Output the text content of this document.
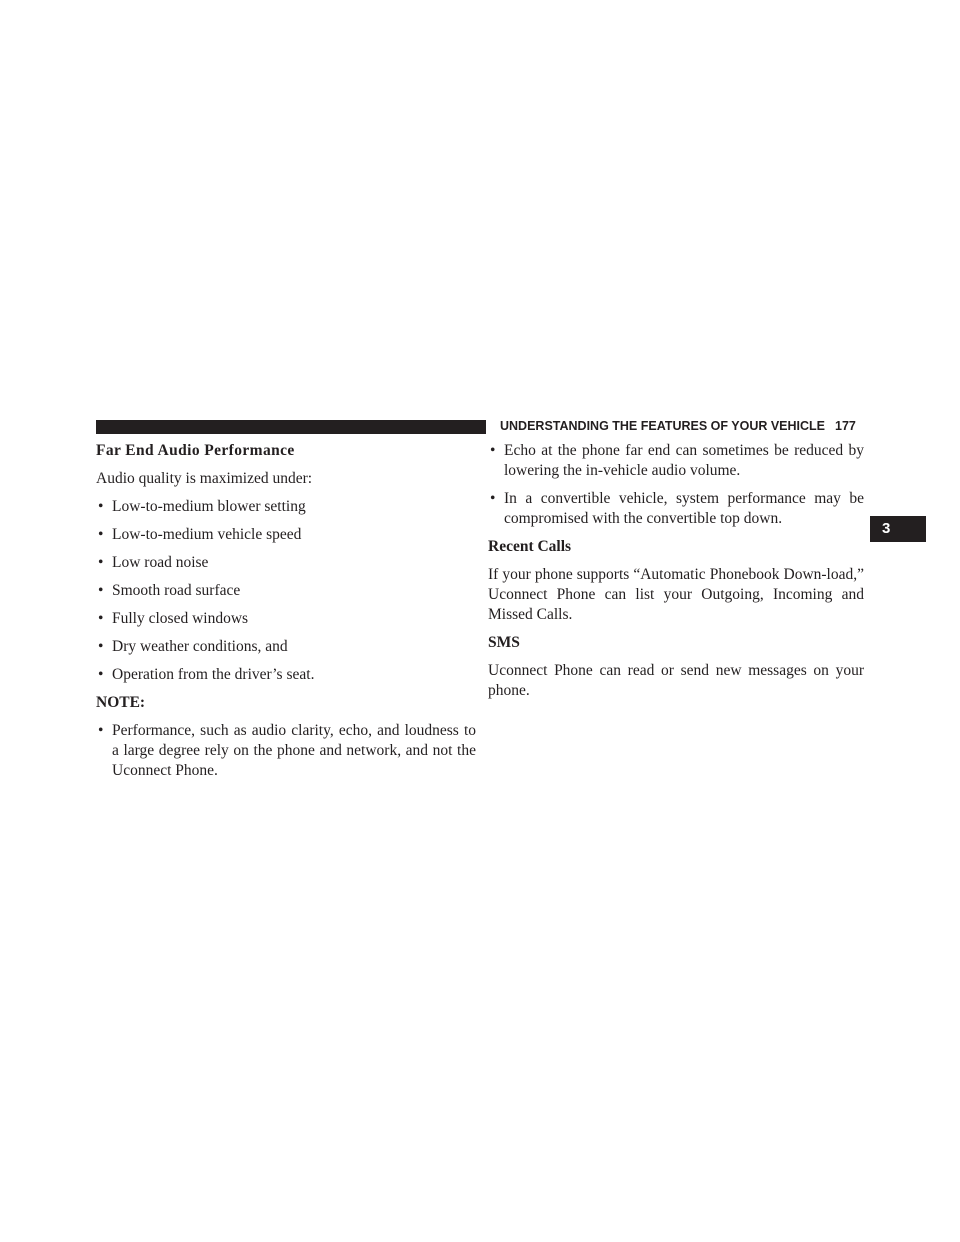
UNDERSTANDING THE FEATURES OF YOUR VEHICLE 177
3
Far End Audio Performance
Audio quality is maximized under:
• Low-to-medium blower setting
• Low-to-medium vehicle speed
• Low road noise
• Smooth road surface
• Fully closed windows
• Dry weather conditions, and
• Operation from the driver’s seat.
NOTE:
• Performance, such as audio clarity, echo, and loudness to a large degree rely on the phone and network, and not the Uconnect Phone.
• Echo at the phone far end can sometimes be reduced by lowering the in-vehicle audio volume.
• In a convertible vehicle, system performance may be compromised with the convertible top down.
Recent Calls
If your phone supports “Automatic Phonebook Down-load,” Uconnect Phone can list your Outgoing, Incoming and Missed Calls.
SMS
Uconnect Phone can read or send new messages on your phone.
